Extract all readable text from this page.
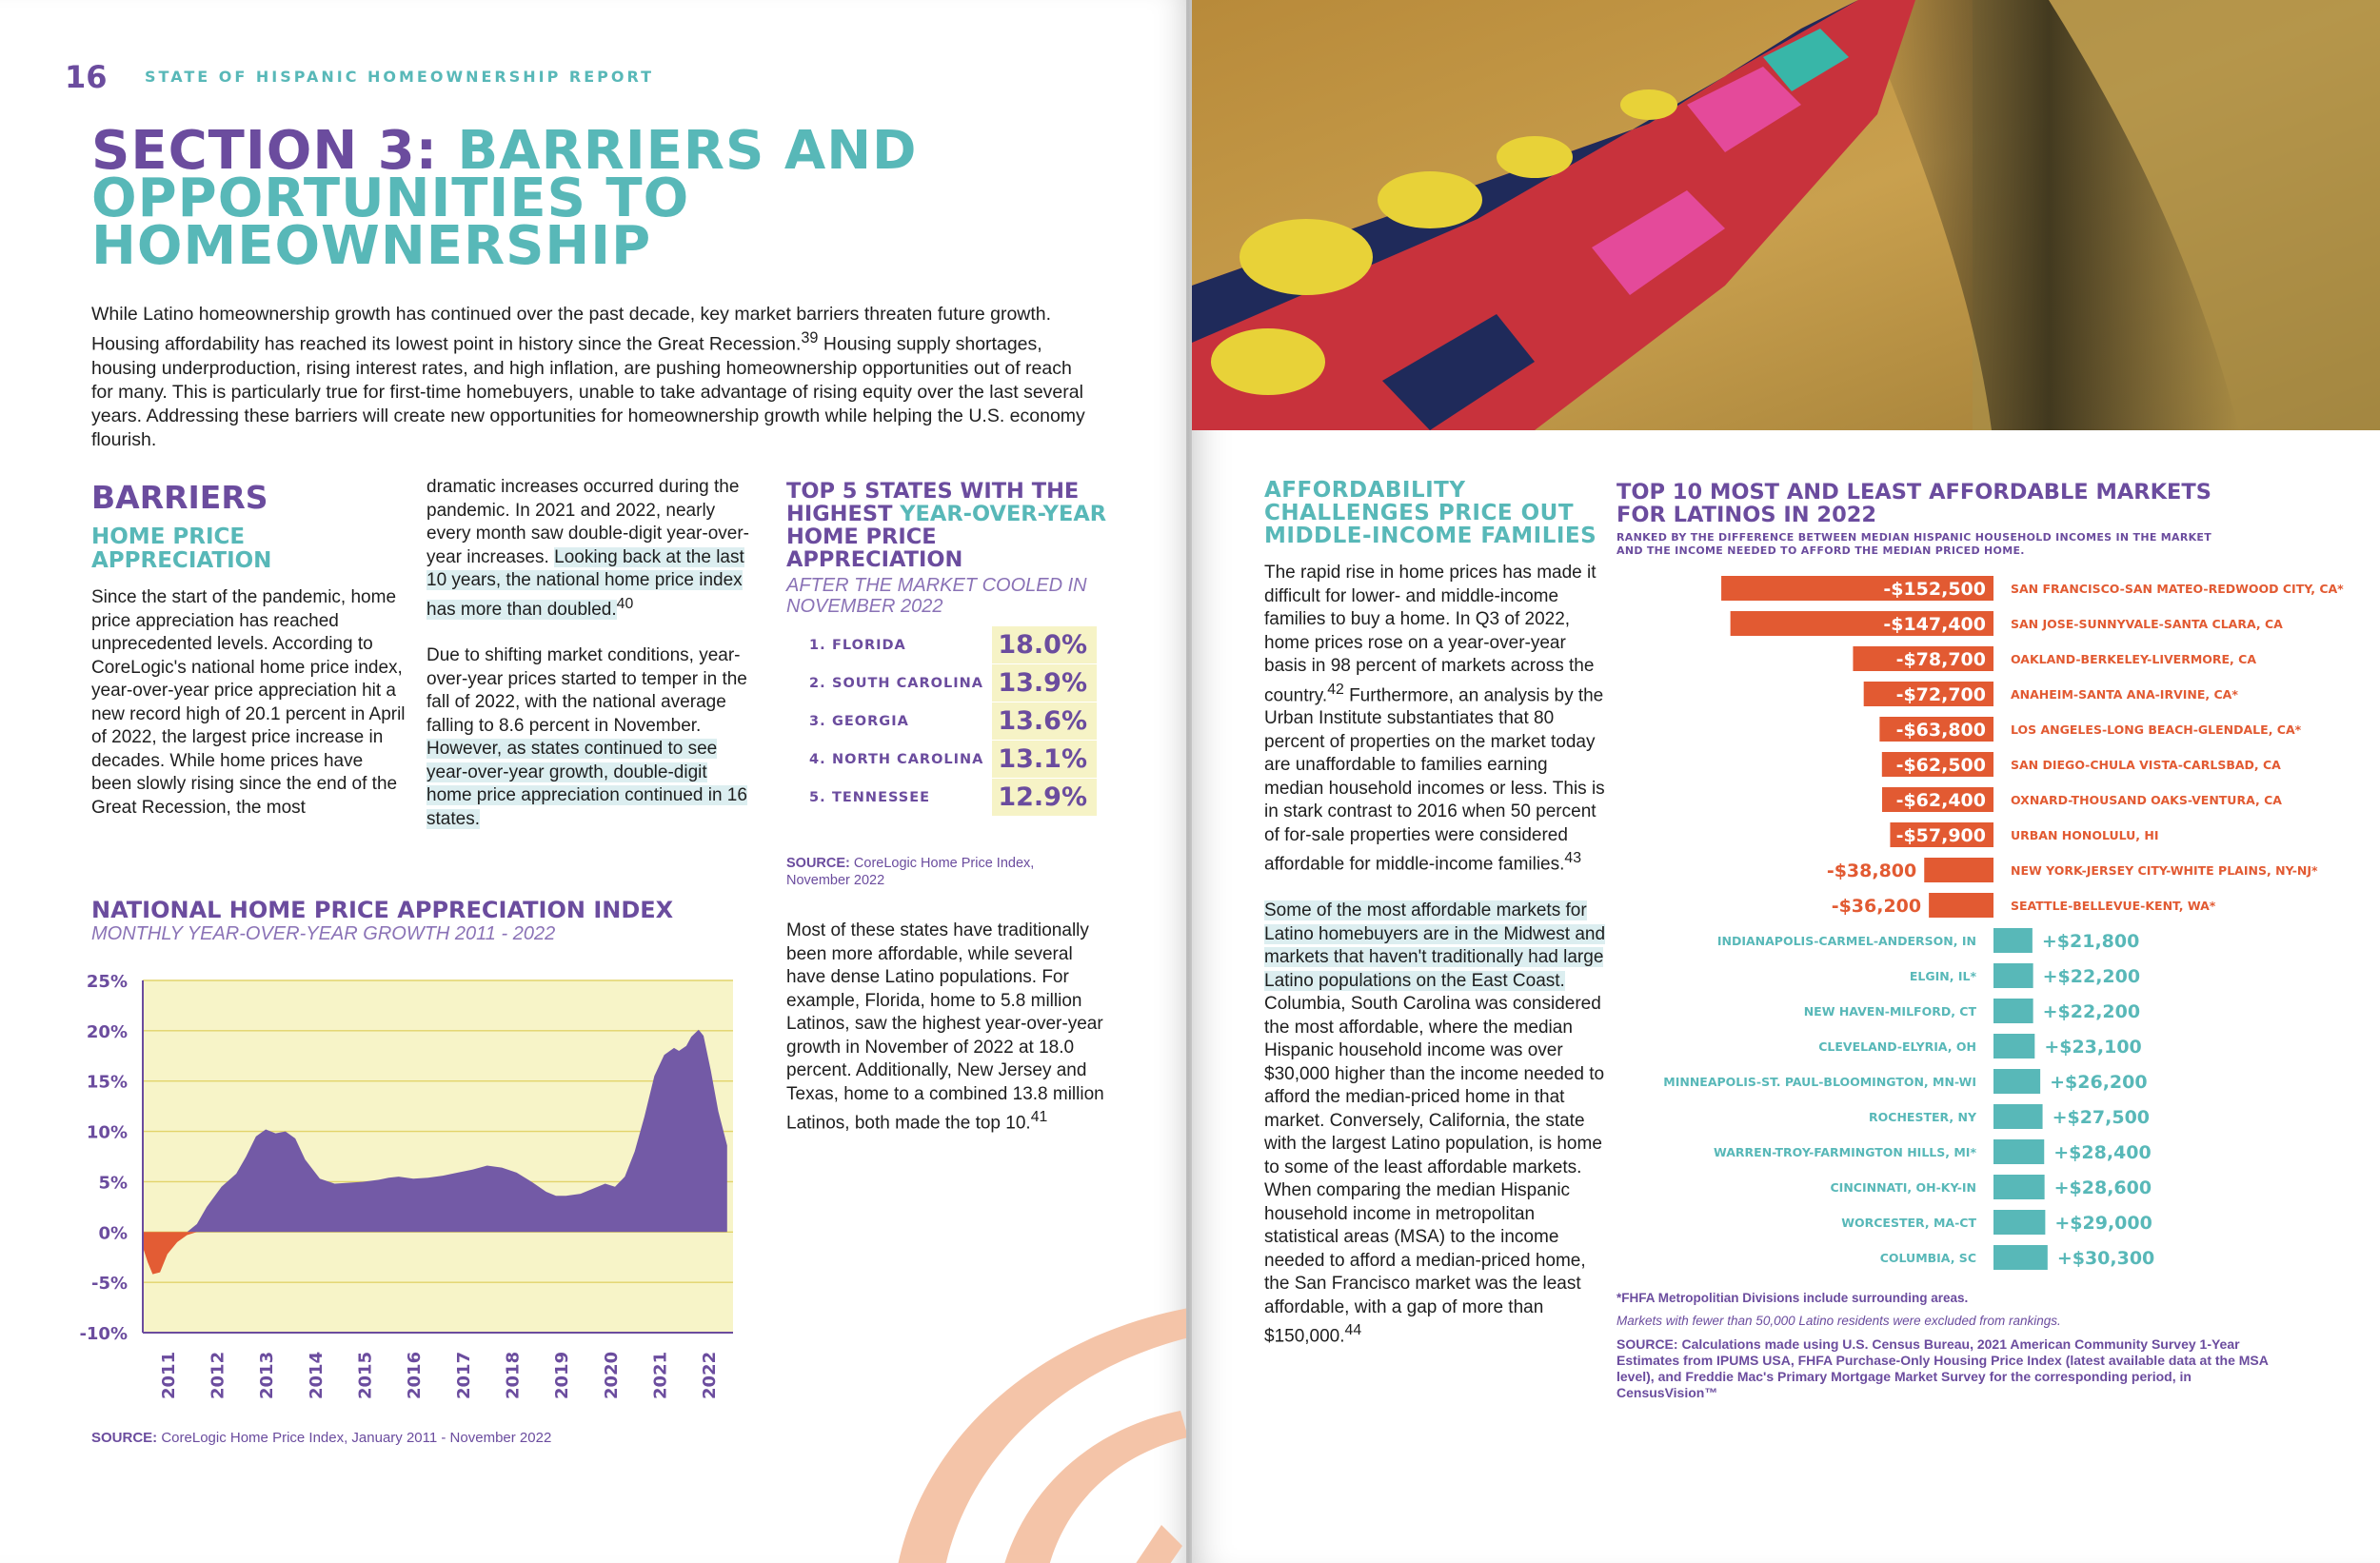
16 STATE OF HISPANIC HOMEOWNERSHIP REPORT
SECTION 3: BARRIERS AND OPPORTUNITIES TO HOMEOWNERSHIP

While Latino homeownership growth has continued over the past decade, key market barriers threaten future growth. Housing affordability has reached its lowest point in history since the Great Recession.$^{39}$ Housing supply shortages, housing underproduction, rising interest rates, and high inflation, are pushing homeownership opportunities out of reach for many. This is particularly true for first-time homebuyers, unable to take advantage of rising equity over the last several years. Addressing these barriers will create new opportunities for homeownership growth while helping the U.S. economy flourish.

BARRIERS
HOME PRICE APPRECIATION

Since the start of the pandemic, home price appreciation has reached unprecedented levels. According to CoreLogic's national home price index, year-over-year price appreciation hit a new record high of 20.1 percent in April of 2022, the largest price increase in decades. While home prices have been slowly rising since the end of the Great Recession, the most

dramatic increases occurred during the pandemic. In 2021 and 2022, nearly every month saw double-digit year-over-year increases. Looking back at the last 10 years, the national home price index has more than doubled.$^{40}$

Due to shifting market conditions, year-over-year prices started to temper in the fall of 2022, with the national average falling to 8.6 percent in November. However, as states continued to see year-over-year growth, double-digit home price appreciation continued in 16 states.

TOP 5 STATES WITH THE HIGHEST YEAR-OVER-YEAR
HOME PRICE APPRECIATION
AFTER THE MARKET COOLED IN NOVEMBER 2022
1. FLORIDA	18.0%
2. SOUTH CAROLINA 13.9%
3. GEORGIA	13.6%
4. NORTH CAROLINA 13.1%
5. TENNESSEE	12.9%
SOURCE: CoreLogic Home Price Index, November 2022

Most of these states have traditionally been more affordable, while several have dense Latino populations. For example, Florida, home to 5.8 million Latinos, saw the highest year-over-year growth in November of 2022 at 18.0 percent. Additionally, New Jersey and Texas, home to a combined 13.8 million Latinos, both made the top 10.41

NATIONAL HOME PRICE APPRECIATION INDEX
MONTHLY YEAR-OVER-YEAR GROWTH 2011 - 2022
25%
20%
15%
10%
5%
0%
-5%
-10%
2011 2012 2013 2014 2015 2016 2017 2018 2019 2020 2021 2022
SOURCE: CoreLogic Home Price Index, January 2011 - November 2022
AFFORDABILITY CHALLENGES PRICE OUT MIDDLE-INCOME FAMILIES

The rapid rise in home prices has made it difficult for lower- and middle-income families to buy a home. In Q3 of 2022, home prices rose on a year-over-year basis in 98 percent of markets across the country.$^{42}$ Furthermore, an analysis by the Urban Institute substantiates that 80 percent of properties on the market today are unaffordable to families earning median household incomes or less. This is in stark contrast to 2016 when 50 percent of for-sale properties were considered affordable for middle-income families.$^{43}$

Some of the most affordable markets for Latino homebuyers are in the Midwest and markets that haven't traditionally had large Latino populations on the East Coast. Columbia, South Carolina was considered the most affordable, where the median Hispanic household income was over $30,000 higher than the income needed to afford the median-priced home in that market. Conversely, California, the state with the largest Latino population, is home to some of the least affordable markets. When comparing the median Hispanic household income in metropolitan statistical areas (MSA) to the income needed to afford a median-priced home, the San Francisco market was the least affordable, with a gap of more than $150,000.44

TOP 10 MOST AND LEAST AFFORDABLE MARKETS
FOR LATINOS IN 2022
RANKED BY THE DIFFERENCE BETWEEN MEDIAN HISPANIC HOUSEHOLD INCOMES IN THE MARKET AND THE INCOME NEEDED TO AFFORD THE MEDIAN PRICED HOME.
-$152,500 SAN FRANCISCO-SAN MATEO-REDWOOD CITY, CA*
-$147,400 SAN JOSE-SUNNYVALE-SANTA CLARA, CA
-$78,700 OAKLAND-BERKELEY-LIVERMORE, CA
-$72,700 ANAHEIM-SANTA ANA-IRVINE, CA*
-$63,800 LOS ANGELES-LONG BEACH-GLENDALE, CA*
-$62,500 SAN DIEGO-CHULA VISTA-CARLSBAD, CA
-$62,400 OXNARD-THOUSAND OAKS-VENTURA, CA
-$57,900 URBAN HONOLULU, HI
-$38,800	NEW YORK-JERSEY CITY-WHITE PLAINS, NY-NJ*
-$36,200	SEATTLE-BELLEVUE-KENT, WA*
+$21,800
INDIANAPOLIS-CARMEL-ANDERSON, IN
+$22,200
ELGIN, IL*
+$22,200
NEW HAVEN-MILFORD, CT
+$23,100
CLEVELAND-ELYRIA, OH
+$26,200
MINNEAPOLIS-ST. PAUL-BLOOMINGTON, MN-WI
+$27,500
ROCHESTER, NY
+$28,400
WARREN-TROY-FARMINGTON HILLS, MI*
+$28,600
CINCINNATI, OH-KY-IN
+$29,000
WORCESTER, MA-CT
+$30,300
COLUMBIA, SC
*FHFA Metropolitian Divisions include surrounding areas.
Markets with fewer than 50,000 Latino residents were excluded from rankings.
SOURCE: Calculations made using U.S. Census Bureau, 2021 American Community Survey 1-Year Estimates from IPUMS USA, FHFA Purchase-Only Housing Price Index (latest available data at the MSA level), and Freddie Mac's Primary Mortgage Market Survey for the corresponding period, in CensusVision™
